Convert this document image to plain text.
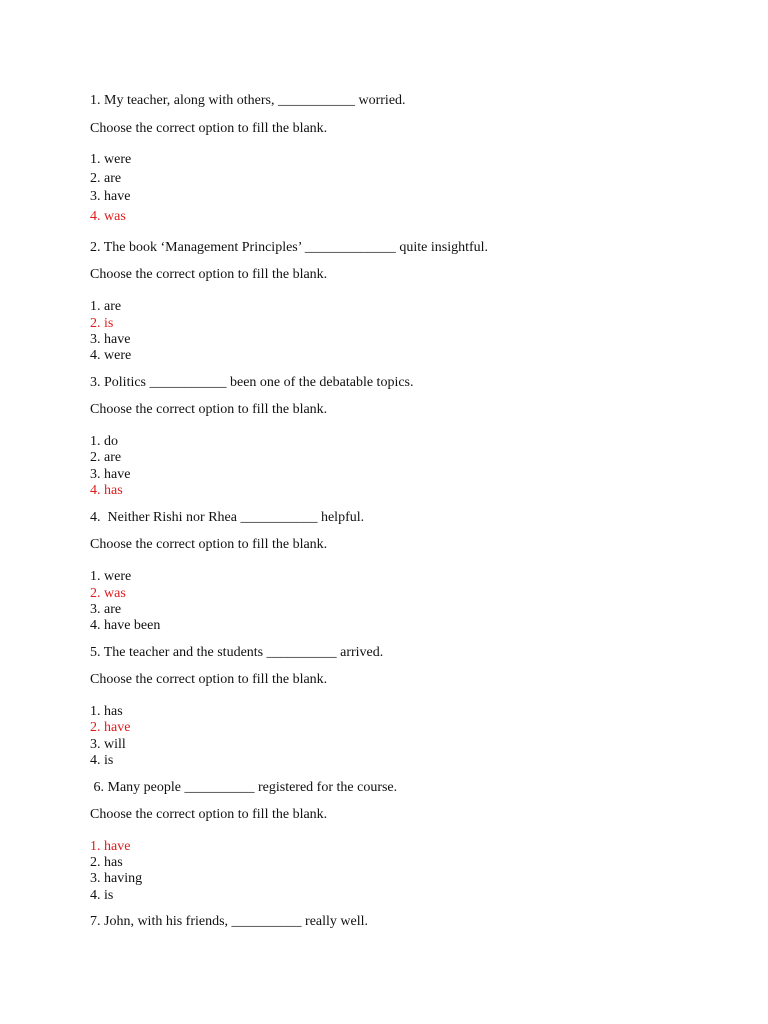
1. My teacher, along with others, ___________ worried.
Choose the correct option to fill the blank.
1. were
2. are
3. have
4. was
2. The book ‘Management Principles’ _____________ quite insightful.
Choose the correct option to fill the blank.
1. are
2. is
3. have
4. were
3. Politics ___________ been one of the debatable topics.
Choose the correct option to fill the blank.
1. do
2. are
3. have
4. has
4.  Neither Rishi nor Rhea ___________ helpful.
Choose the correct option to fill the blank.
1. were
2. was
3. are
4. have been
5. The teacher and the students __________ arrived.
Choose the correct option to fill the blank.
1. has
2. have
3. will
4. is
6. Many people __________ registered for the course.
Choose the correct option to fill the blank.
1. have
2. has
3. having
4. is
7. John, with his friends, __________ really well.
